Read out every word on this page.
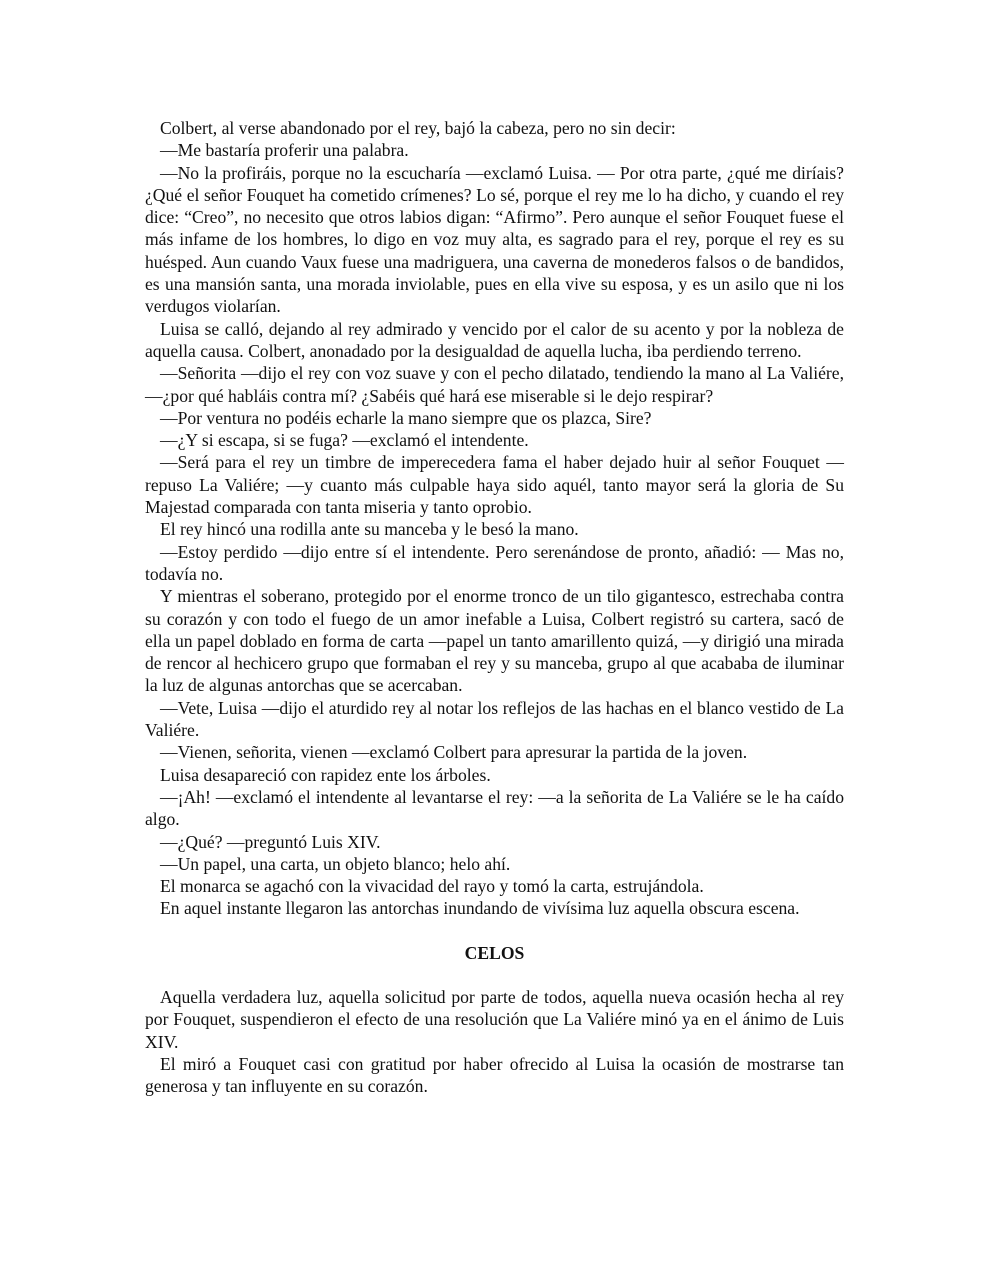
Colbert, al verse abandonado por el rey, bajó la cabeza, pero no sin decir:

—Me bastaría proferir una palabra.

—No la profiráis, porque no la escucharía —exclamó Luisa. — Por otra parte, ¿qué me diríais? ¿Qué el señor Fouquet ha cometido crímenes? Lo sé, porque el rey me lo ha dicho, y cuando el rey dice: “Creo”, no necesito que otros labios digan: “Afirmo”. Pero aunque el señor Fouquet fuese el más infame de los hombres, lo digo en voz muy alta, es sagrado para el rey, porque el rey es su huésped. Aun cuando Vaux fuese una madriguera, una caverna de monederos falsos o de bandidos, es una mansión santa, una morada inviolable, pues en ella vive su esposa, y es un asilo que ni los verdugos violarían.

Luisa se calló, dejando al rey admirado y vencido por el calor de su acento y por la nobleza de aquella causa. Colbert, anonadado por la desigualdad de aquella lucha, iba perdiendo terreno.

—Señorita —dijo el rey con voz suave y con el pecho dilatado, tendiendo la mano al La Valiére, —¿por qué habláis contra mí? ¿Sabéis qué hará ese miserable si le dejo respirar?

—Por ventura no podéis echarle la mano siempre que os plazca, Sire?

—¿Y si escapa, si se fuga? —exclamó el intendente.

—Será para el rey un timbre de imperecedera fama el haber dejado huir al señor Fouquet —repuso La Valiére; —y cuanto más culpable haya sido aquél, tanto mayor será la gloria de Su Majestad comparada con tanta miseria y tanto oprobio.

El rey hincó una rodilla ante su manceba y le besó la mano.

—Estoy perdido —dijo entre sí el intendente. Pero serenándose de pronto, añadió: — Mas no, todavía no.

Y mientras el soberano, protegido por el enorme tronco de un tilo gigantesco, estrechaba contra su corazón y con todo el fuego de un amor inefable a Luisa, Colbert registró su cartera, sacó de ella un papel doblado en forma de carta —papel un tanto amarillento quizá, —y dirigió una mirada de rencor al hechicero grupo que formaban el rey y su manceba, grupo al que acababa de iluminar la luz de algunas antorchas que se acercaban.

—Vete, Luisa —dijo el aturdido rey al notar los reflejos de las hachas en el blanco vestido de La Valiére.

—Vienen, señorita, vienen —exclamó Colbert para apresurar la partida de la joven.

Luisa desapareció con rapidez ente los árboles.

—¡Ah! —exclamó el intendente al levantarse el rey: —a la señorita de La Valiére se le ha caído algo.

—¿Qué? —preguntó Luis XIV.

—Un papel, una carta, un objeto blanco; helo ahí.

El monarca se agachó con la vivacidad del rayo y tomó la carta, estrujándola.

En aquel instante llegaron las antorchas inundando de vivísima luz aquella obscura escena.

CELOS

Aquella verdadera luz, aquella solicitud por parte de todos, aquella nueva ocasión hecha al rey por Fouquet, suspendieron el efecto de una resolución que La Valiére minó ya en el ánimo de Luis XIV.

El miró a Fouquet casi con gratitud por haber ofrecido al Luisa la ocasión de mostrarse tan generosa y tan influyente en su corazón.
